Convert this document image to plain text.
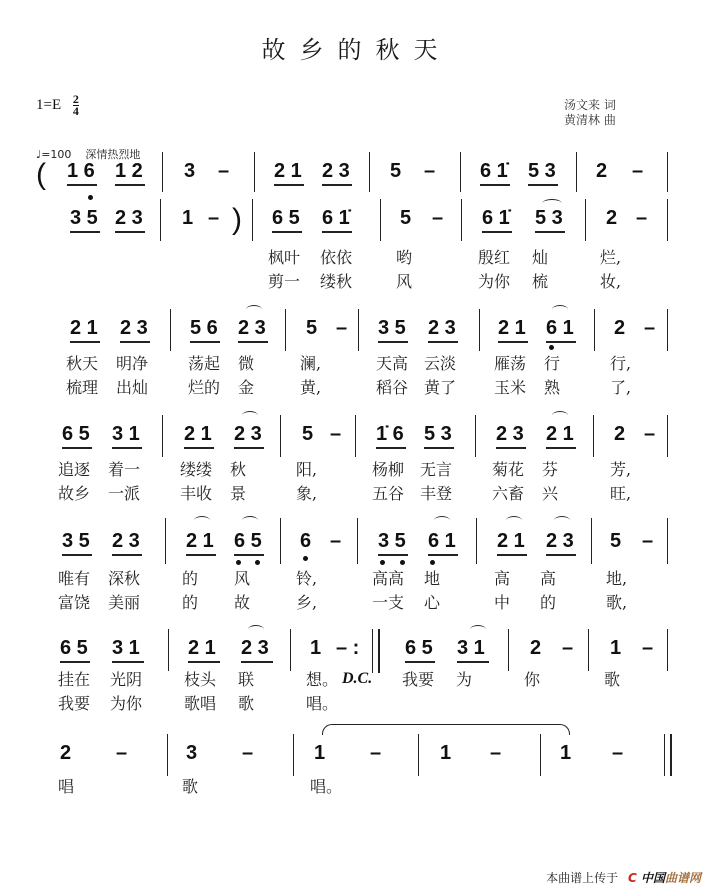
故乡的秋天
$1=E \frac{2}{4}$	汤文来 词
黄清林 曲
♩=100 深情热烈地
( 1 6 1 2 3 – 2 1 2 3 5 – 6 1̇ 5 3 2 –
3 5 2 3 1 – ) 6 5 6 1̇	5 – 6 1̇ 5 3 2 –
枫叶 依依	哟	殷红 灿	烂,
剪一 缕秋	风	为你 梳	妆,
2 1 2 3 5 6 2 3 5 – 3 5 2 3 2 1 6 1 2 –
秋天 明净 荡起 微	澜,	天高 云淡 雁荡 行	行,
梳理 出灿 烂的 金	黄,	稻谷 黄了 玉米 熟	了,
6 5 3 1 2 1 2 3 5 – 1̇ 6 5 3 2 3 2 1 2 –
追逐 着一 缕缕 秋	阳,	杨柳 无言 菊花 芬	芳,
故乡 一派 丰收 景	象,	五谷 丰登 六畜 兴	旺,
3 5 2 3 2 1 6 5 6 – 3 5 6 1 2 1 2 3 5 –
唯有 深秋	的 风	铃,	高高 地	高 高	地,
富饶 美丽	的 故	乡,	一支 心	中 的	歌,
6 5 3 1 2 1 2 3 1 – : 6 5 3 1 2 – 1 –
挂在 光阴	枝头 联	想。 D.C. 我要 为	你	歌
我要 为你	歌唱 歌	唱。
2 –	3 –	1 –	1 –	1 –
唱	歌	唱。
本曲谱上传于 C 中国曲谱网
